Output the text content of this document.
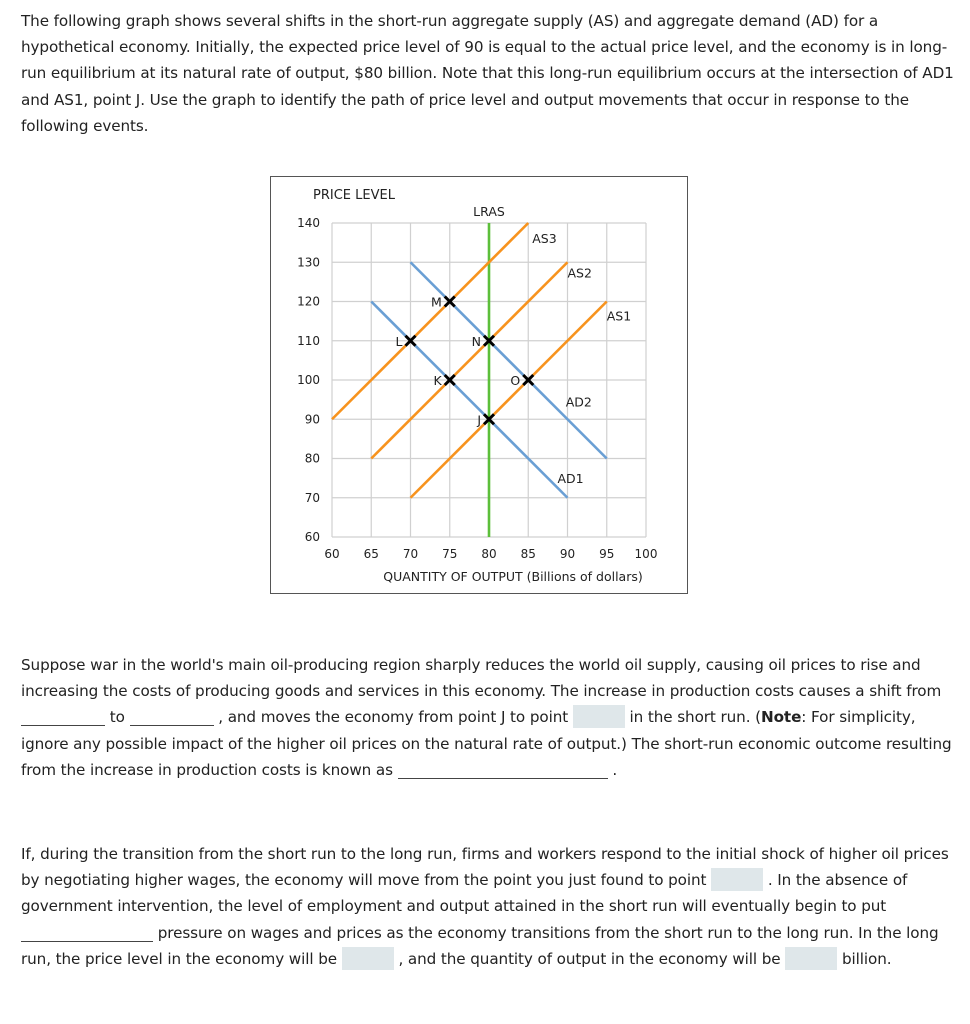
The following graph shows several shifts in the short-run aggregate supply (AS) and aggregate demand (AD) for a hypothetical economy. Initially, the expected price level of 90 is equal to the actual price level, and the economy is in long-run equilibrium at its natural rate of output, $80 billion. Note that this long-run equilibrium occurs at the intersection of AD1 and AS1, point J. Use the graph to identify the path of price level and output movements that occur in response to the following events.
60 65 70 75 80 85 90 95 100
140
130
120
110
100
90
80
70
60
PRICE LEVEL
QUANTITY OF OUTPUT (Billions of dollars)
LRAS
AS1
AS2
AS3
AD1
AD2
J
K
L
M
N
O
Suppose war in the world's main oil-producing region sharply reduces the world oil supply, causing oil prices to rise and increasing the costs of producing goods and services in this economy. The increase in production costs causes a shift from  to	, and moves the economy from point J to point	in the short run. (Note: For simplicity, ignore any possible impact of the higher oil prices on the natural rate of output.) The short-run economic outcome resulting from the increase in production costs is known as	.
If, during the transition from the short run to the long run, firms and workers respond to the initial shock of higher oil prices by negotiating higher wages, the economy will move from the point you just found to point	. In the absence of government intervention, the level of employment and output attained in the short run will eventually begin to put  pressure on wages and prices as the economy transitions from the short run to the long run. In the long run, the price level in the economy will be	, and the quantity of output in the economy will be	billion.
